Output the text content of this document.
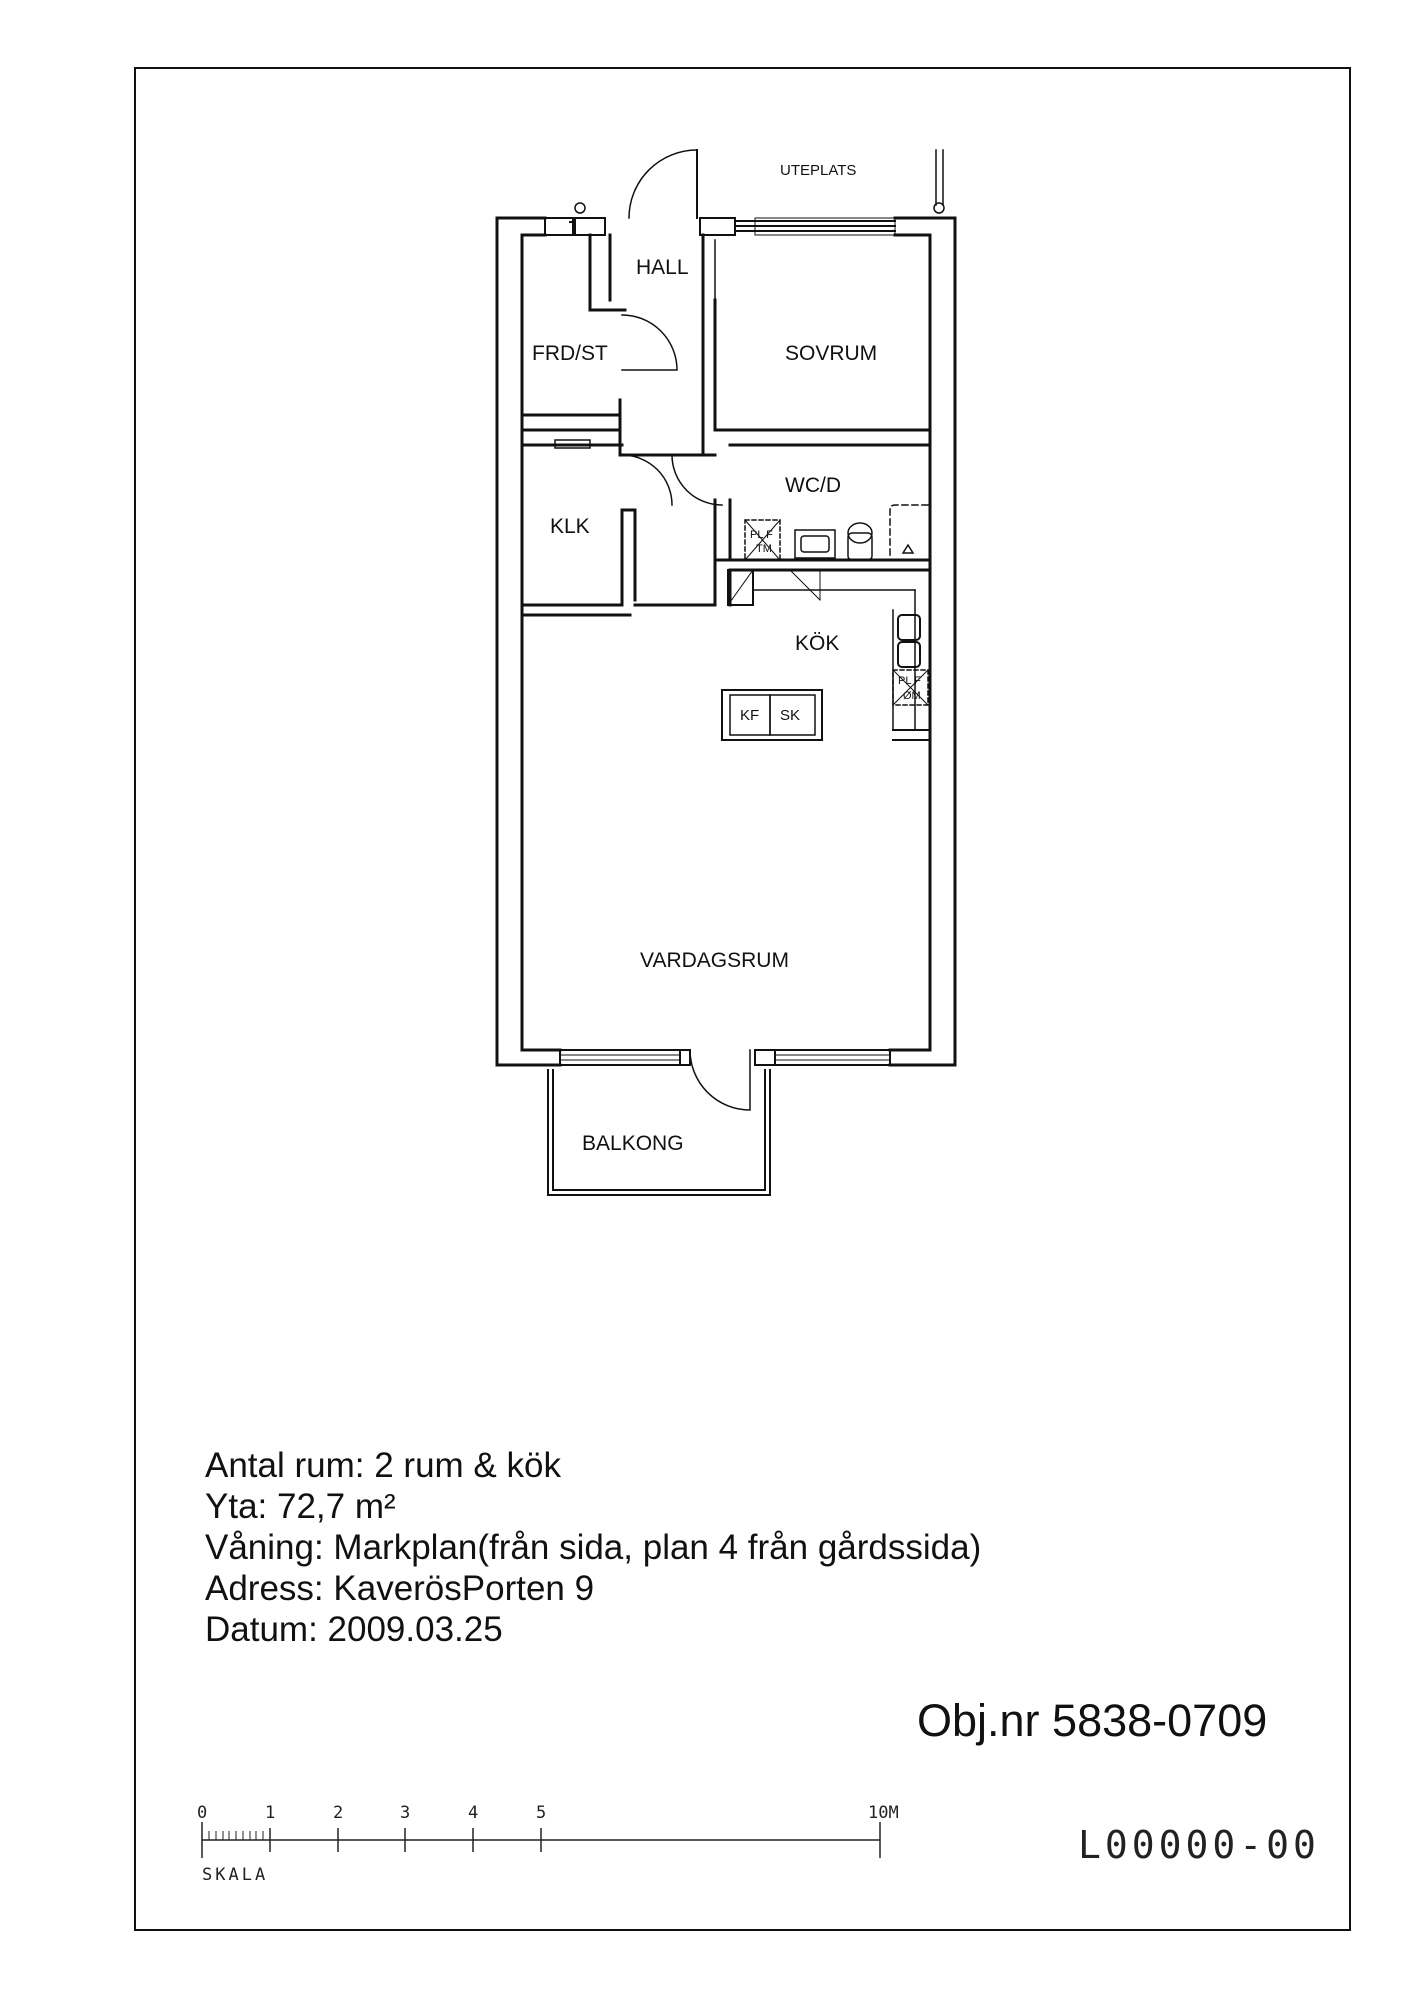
UTEPLATS
HALL
FRD/ST	SOVRUM
WC/D
KLK
KÖK
VARDAGSRUM
BALKONG
KF SK
PL F
TM
PL F
ØM
0	1	2	3	4	5	10M
SKALA
L00000-00
Antal rum: 2 rum & kök
Yta: 72,7 m²
Våning: Markplan(från sida, plan 4 från gårdssida)
Adress: KaverösPorten 9
Datum: 2009.03.25
Obj.nr 5838-0709
